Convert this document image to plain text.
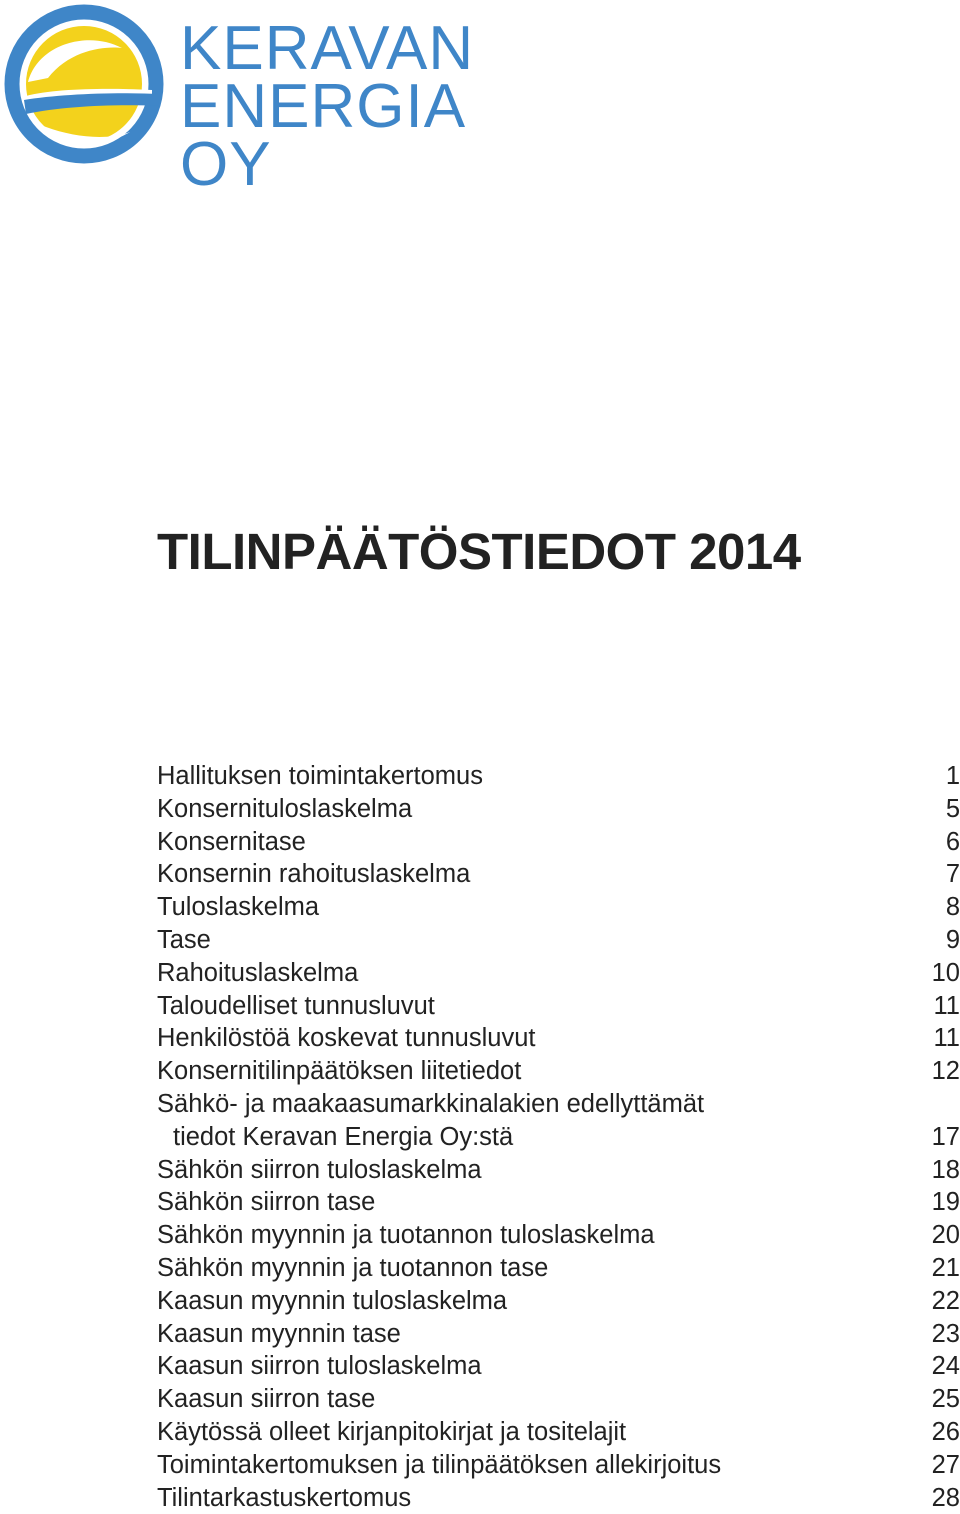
KERAVAN
ENERGIA OY
TILINPÄÄTÖSTIEDOT 2014
Hallituksen toimintakertomus	1
Konsernituloslaskelma	5
Konsernitase	6
Konsernin rahoituslaskelma	7
Tuloslaskelma	8
Tase	9
Rahoituslaskelma	10
Taloudelliset tunnusluvut	11
Henkilöstöä koskevat tunnusluvut	11
Konsernitilinpäätöksen liitetiedot	12
Sähkö- ja maakaasumarkkinalakien edellyttämät
tiedot Keravan Energia Oy:stä	17
Sähkön siirron tuloslaskelma	18
Sähkön siirron tase	19
Sähkön myynnin ja tuotannon tuloslaskelma	20
Sähkön myynnin ja tuotannon tase	21
Kaasun myynnin tuloslaskelma	22
Kaasun myynnin tase	23
Kaasun siirron tuloslaskelma	24
Kaasun siirron tase	25
Käytössä olleet kirjanpitokirjat ja tositelajit	26
Toimintakertomuksen ja tilinpäätöksen allekirjoitus	27
Tilintarkastuskertomus	28
